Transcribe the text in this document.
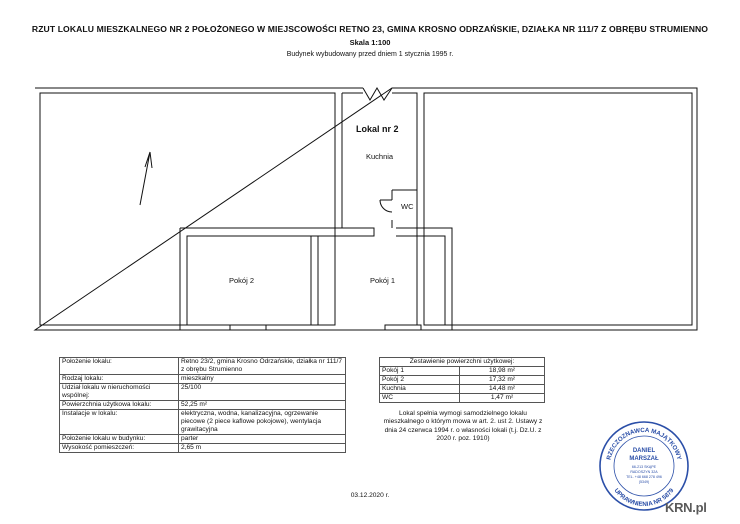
RZUT LOKALU MIESZKALNEGO NR 2 POŁOŻONEGO W MIEJSCOWOŚCI RETNO 23, GMINA KROSNO ODRZAŃSKIE, DZIAŁKA NR 111/7 Z OBRĘBU STRUMIENNO
Skala 1:100
Budynek wybudowany przed dniem 1 stycznia 1995 r.
Lokal nr 2
Kuchnia
WC
Pokój 2	Pokój 1
Położenie lokalu:	Retno 23/2, gmina Krosno Odrzańskie, działka nr 111/7 z obrębu Strumienno
Rodzaj lokalu:	mieszkalny
Udział lokalu w nieruchomości wspólnej:	25/100
Powierzchnia użytkowa lokalu:	52,25 m²
Instalacje w lokalu:	elektryczna, wodna, kanalizacyjna, ogrzewanie piecowe (2 piece kaflowe pokojowe), wentylacja grawitacyjna
Położenie lokalu w budynku:	parter
Wysokość pomieszczeń:	2,65 m
Zestawienie powierzchni użytkowej:	
Pokój 1	18,98 m²
Pokój 2	17,32 m²
Kuchnia	14,48 m²
WC	1,47 m²
Lokal spełnia wymogi samodzielnego lokalu mieszkalnego o którym mowa w art. 2. ust 2. Ustawy z dnia 24 czerwca 1994 r. o własności lokali (t.j. Dz.U. z 2020 r. poz. 1910)
03.12.2020 r.
RZECZOZNAWCA MAJĄTKOWY
UPRAWNIENIA NR 5879
DANIEL
MARSZAŁ
66-213 SKĄPE
RADOSZYN 32A
TEL. +48 668 278 496
(5349)
KRN.pl
